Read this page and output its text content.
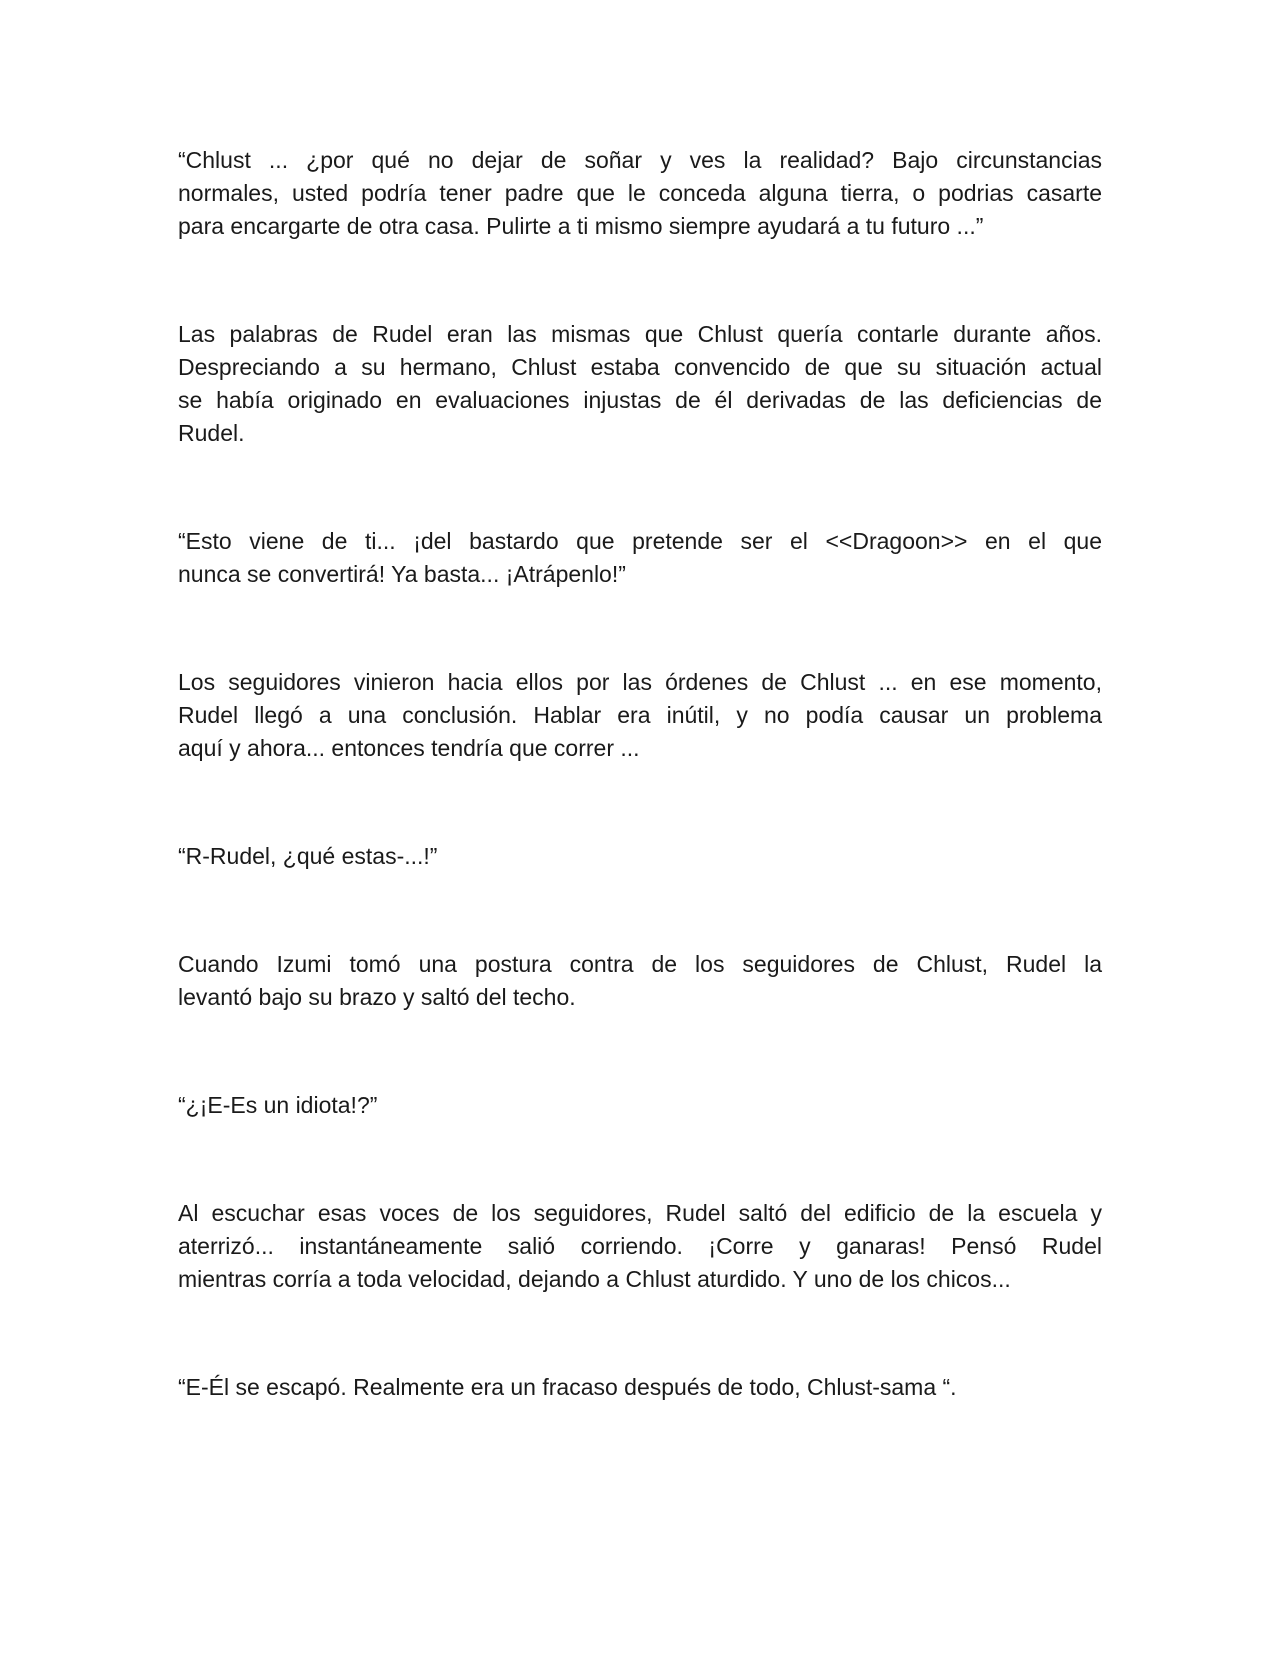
“Chlust ... ¿por qué no dejar de soñar y ves la realidad? Bajo circunstancias
normales, usted podría tener padre que le conceda alguna tierra, o podrias casarte
para encargarte de otra casa. Pulirte a ti mismo siempre ayudará a tu futuro ...”
Las palabras de Rudel eran las mismas que Chlust quería contarle durante años.
Despreciando a su hermano, Chlust estaba convencido de que su situación actual
se había originado en evaluaciones injustas de él derivadas de las deficiencias de
Rudel.
“Esto viene de ti... ¡del bastardo que pretende ser el <<Dragoon>> en el que
nunca se convertirá! Ya basta... ¡Atrápenlo!”
Los seguidores vinieron hacia ellos por las órdenes de Chlust ... en ese momento,
Rudel llegó a una conclusión. Hablar era inútil, y no podía causar un problema
aquí y ahora... entonces tendría que correr ...
“R-Rudel, ¿qué estas-...!”
Cuando Izumi tomó una postura contra de los seguidores de Chlust, Rudel la
levantó bajo su brazo y saltó del techo.
“¿¡E-Es un idiota!?”
Al escuchar esas voces de los seguidores, Rudel saltó del edificio de la escuela y
aterrizó... instantáneamente salió corriendo. ¡Corre y ganaras! Pensó Rudel
mientras corría a toda velocidad, dejando a Chlust aturdido. Y uno de los chicos...
“E-Él se escapó. Realmente era un fracaso después de todo, Chlust-sama “.
